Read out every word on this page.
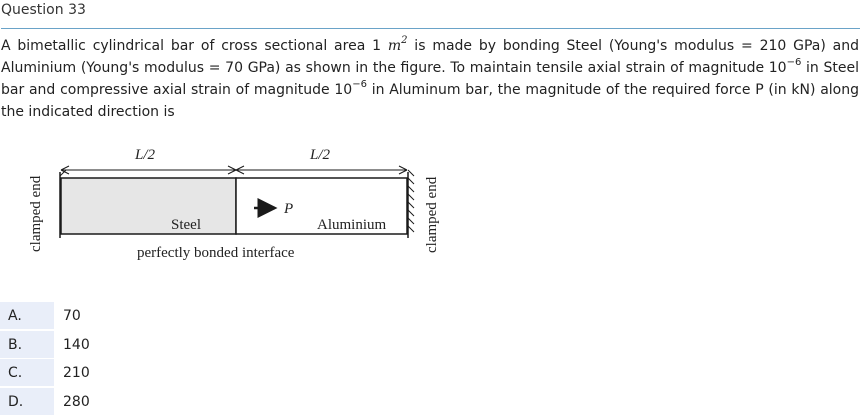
Question 33
A bimetallic cylindrical bar of cross sectional area 1 $m^2$ is made by bonding Steel (Young's modulus = 210 GPa) and Aluminium (Young's modulus = 70 GPa) as shown in the figure. To maintain tensile axial strain of magnitude $10^{-6}$ in Steel bar and compressive axial strain of magnitude $10^{-6}$ in Aluminum bar, the magnitude of the required force P (in kN) along the indicated direction is
clamped end	clamped end
L/2	L/2
P
Steel	Aluminium
perfectly bonded interface
A.	70
B.	140
C.	210
D.	280
